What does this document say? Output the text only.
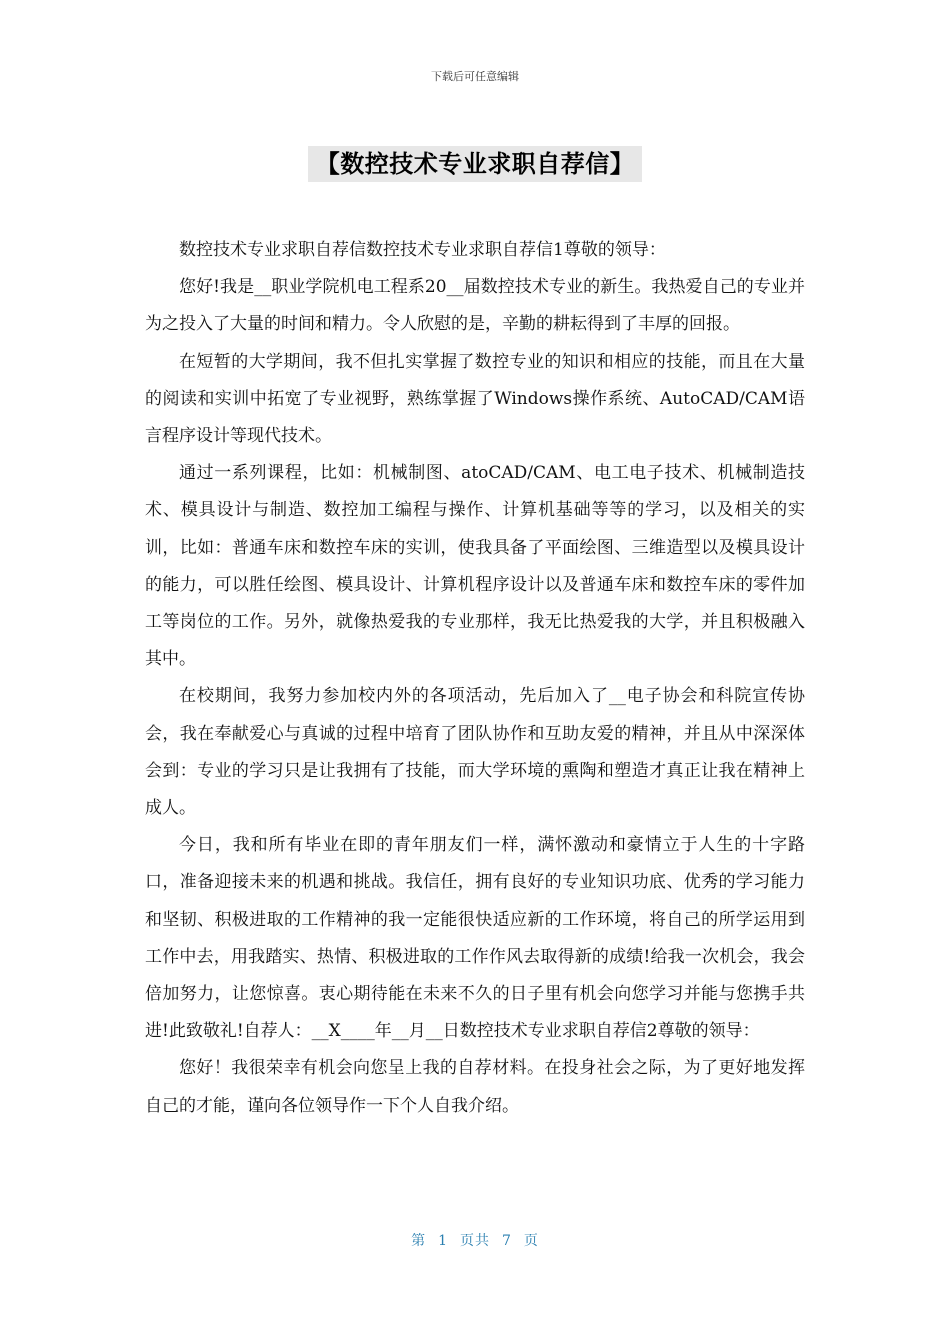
下载后可任意编辑
【数控技术专业求职自荐信】

数控技术专业求职自荐信数控技术专业求职自荐信1尊敬的领导：

您好!我是__职业学院机电工程系20__届数控技术专业的新生。我热爱自己的专业并为之投入了大量的时间和精力。令人欣慰的是，辛勤的耕耘得到了丰厚的回报。

在短暂的大学期间，我不但扎实掌握了数控专业的知识和相应的技能，而且在大量的阅读和实训中拓宽了专业视野，熟练掌握了Windows操作系统、AutoCAD/CAM语言程序设计等现代技术。

通过一系列课程，比如：机械制图、atoCAD/CAM、电工电子技术、机械制造技术、模具设计与制造、数控加工编程与操作、计算机基础等等的学习，以及相关的实训，比如：普通车床和数控车床的实训，使我具备了平面绘图、三维造型以及模具设计的能力，可以胜任绘图、模具设计、计算机程序设计以及普通车床和数控车床的零件加工等岗位的工作。另外，就像热爱我的专业那样，我无比热爱我的大学，并且积极融入其中。

在校期间，我努力参加校内外的各项活动，先后加入了__电子协会和科院宣传协会，我在奉献爱心与真诚的过程中培育了团队协作和互助友爱的精神，并且从中深深体会到：专业的学习只是让我拥有了技能，而大学环境的熏陶和塑造才真正让我在精神上成人。

今日，我和所有毕业在即的青年朋友们一样，满怀激动和豪情立于人生的十字路口，准备迎接未来的机遇和挑战。我信任，拥有良好的专业知识功底、优秀的学习能力和坚韧、积极进取的工作精神的我一定能很快适应新的工作环境，将自己的所学运用到工作中去，用我踏实、热情、积极进取的工作作风去取得新的成绩!给我一次机会，我会倍加努力，让您惊喜。衷心期待能在未来不久的日子里有机会向您学习并能与您携手共进!此致敬礼!自荐人：__X____年__月__日数控技术专业求职自荐信2尊敬的领导：

您好！我很荣幸有机会向您呈上我的自荐材料。在投身社会之际，为了更好地发挥自己的才能，谨向各位领导作一下个人自我介绍。

第 1 页共 7 页
